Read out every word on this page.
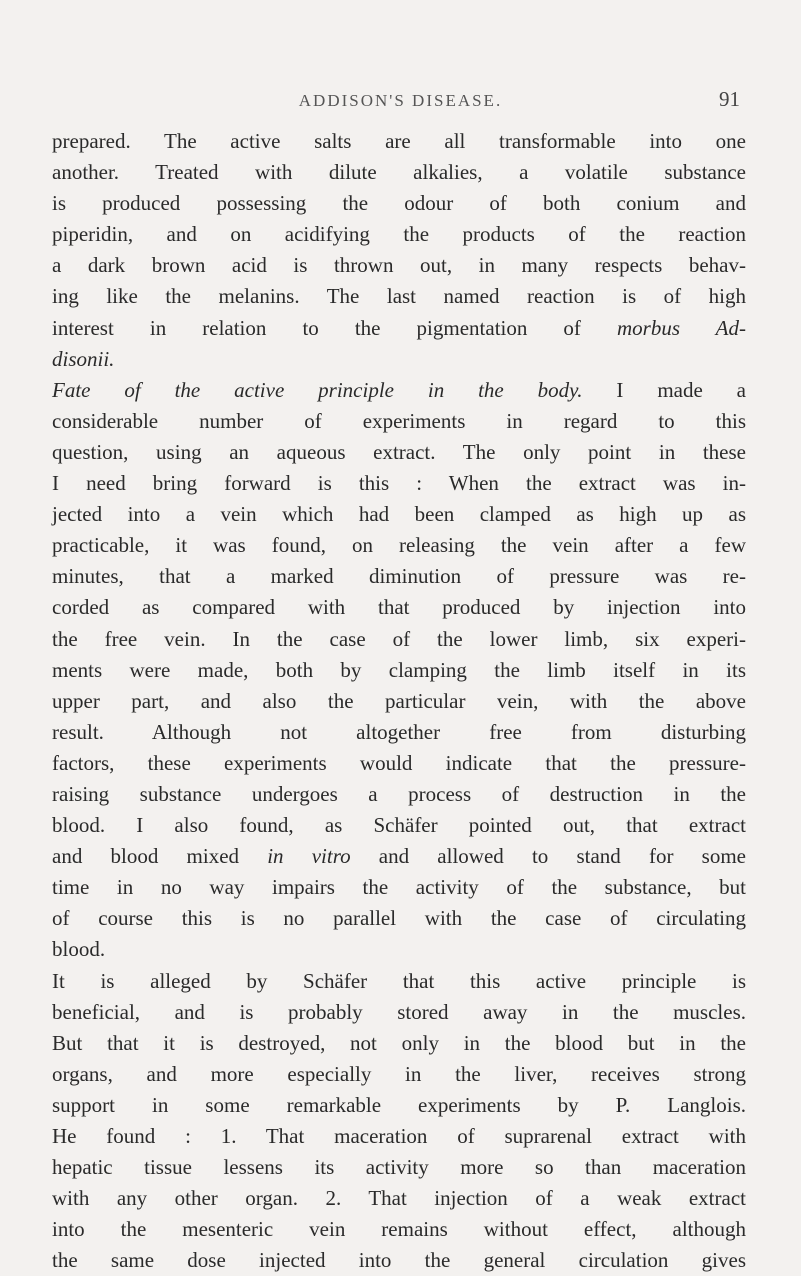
ADDISON'S DISEASE.	91
prepared. The active salts are all transformable into one
another. Treated with dilute alkalies, a volatile substance
is produced possessing the odour of both conium and
piperidin, and on acidifying the products of the reaction
a dark brown acid is thrown out, in many respects behav-
ing like the melanins. The last named reaction is of high
interest in relation to the pigmentation of morbus Ad-
disonii.
Fate of the active principle in the body. I made a
considerable number of experiments in regard to this
question, using an aqueous extract. The only point in these
I need bring forward is this : When the extract was in-
jected into a vein which had been clamped as high up as
practicable, it was found, on releasing the vein after a few
minutes, that a marked diminution of pressure was re-
corded as compared with that produced by injection into
the free vein. In the case of the lower limb, six experi-
ments were made, both by clamping the limb itself in its
upper part, and also the particular vein, with the above
result. Although not altogether free from disturbing
factors, these experiments would indicate that the pressure-
raising substance undergoes a process of destruction in the
blood. I also found, as Schäfer pointed out, that extract
and blood mixed in vitro and allowed to stand for some
time in no way impairs the activity of the substance, but
of course this is no parallel with the case of circulating
blood.
It is alleged by Schäfer that this active principle is
beneficial, and is probably stored away in the muscles.
But that it is destroyed, not only in the blood but in the
organs, and more especially in the liver, receives strong
support in some remarkable experiments by P. Langlois.
He found : 1. That maceration of suprarenal extract with
hepatic tissue lessens its activity more so than maceration
with any other organ. 2. That injection of a weak extract
into the mesenteric vein remains without effect, although
the same dose injected into the general circulation gives
